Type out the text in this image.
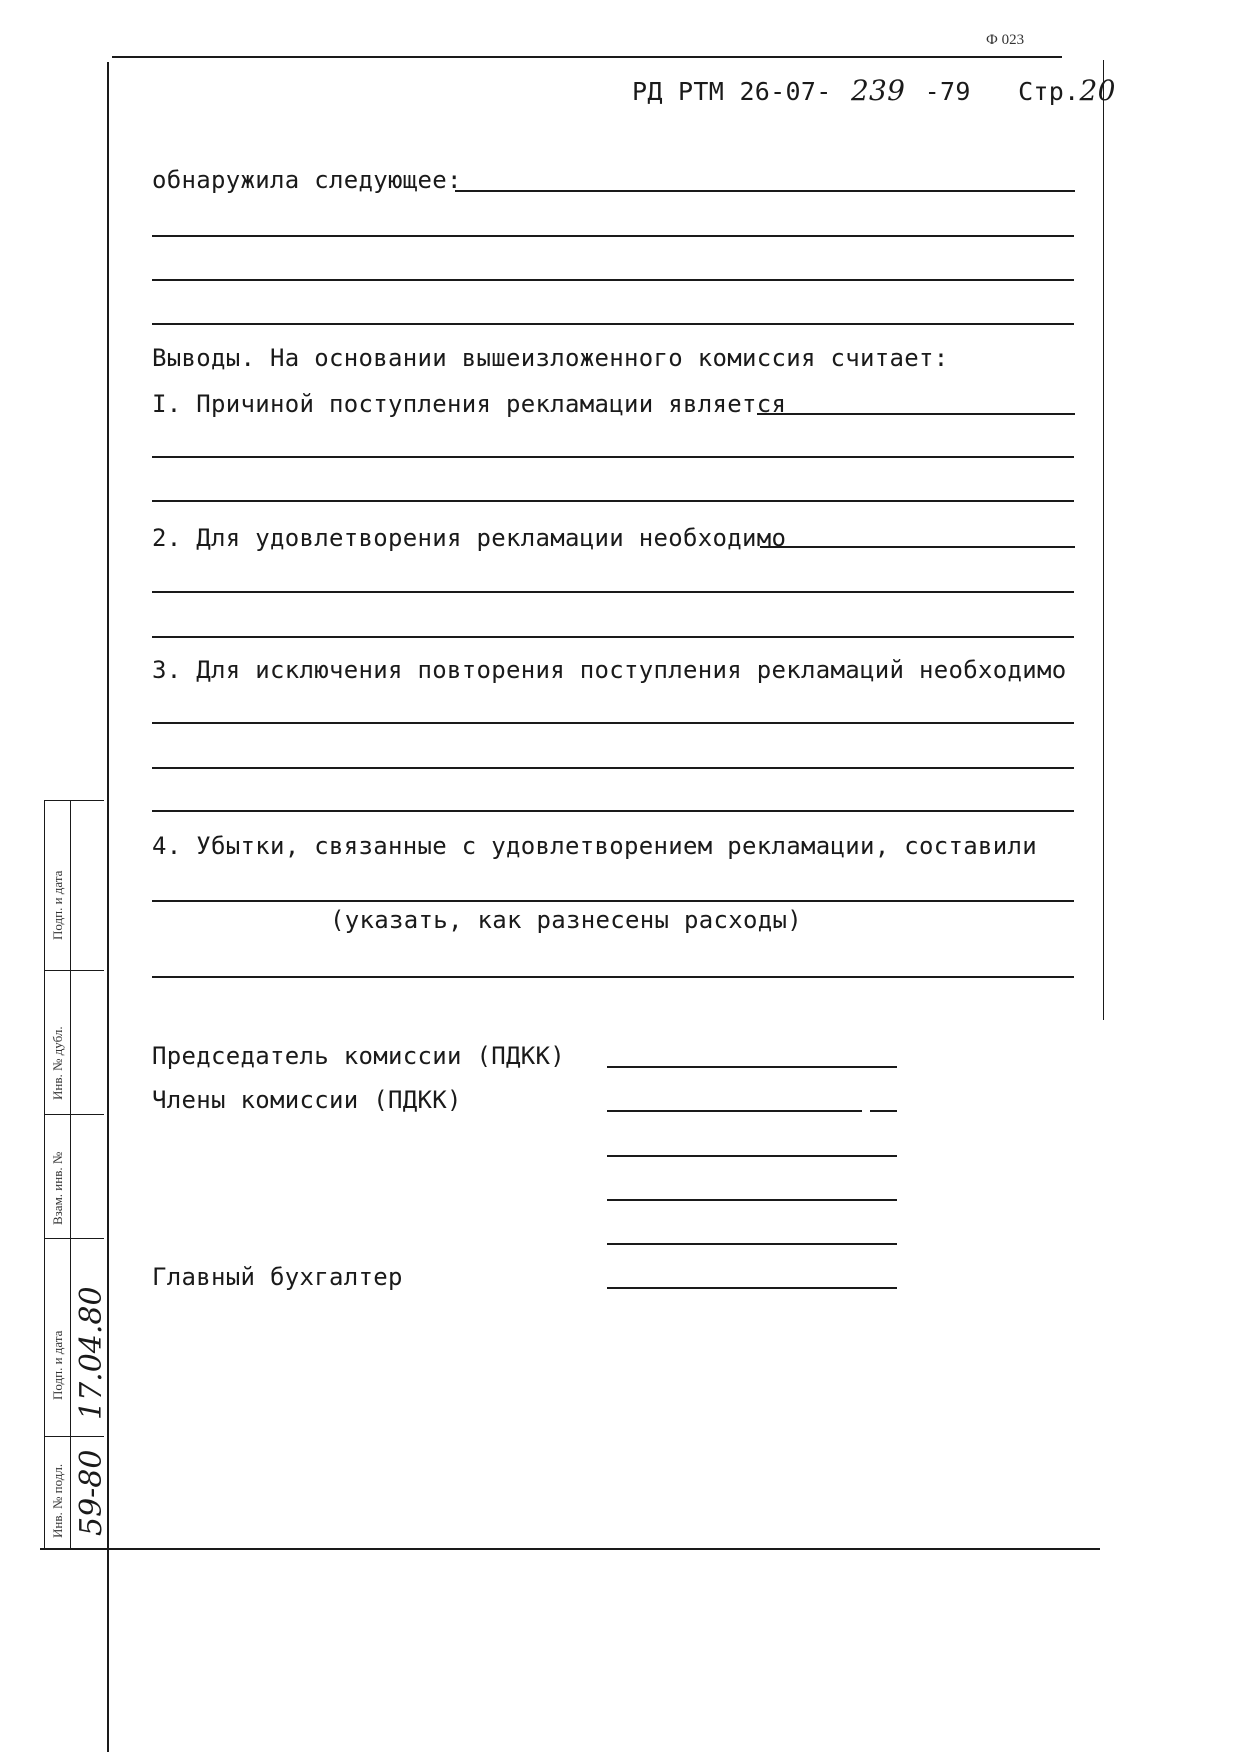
Ф 023
РД РТМ 26-07- 239 -79 Стр.20
обнаружила следующее:
Выводы. На основании вышеизложенного комиссия считает:
I. Причиной поступления рекламации является
2. Для удовлетворения рекламации необходимо
3. Для исключения повторения поступления рекламаций необходимо
4. Убытки, связанные с удовлетворением рекламации, составили
(указать, как разнесены расходы)
Председатель комиссии (ПДКК)
Члены комиссии (ПДКК)
Главный бухгалтер
Подп. и дата
Инв. № дубл.
Взам. инв. №
Подп. и дата
Инв. № подл.
17.04.80
59-80
